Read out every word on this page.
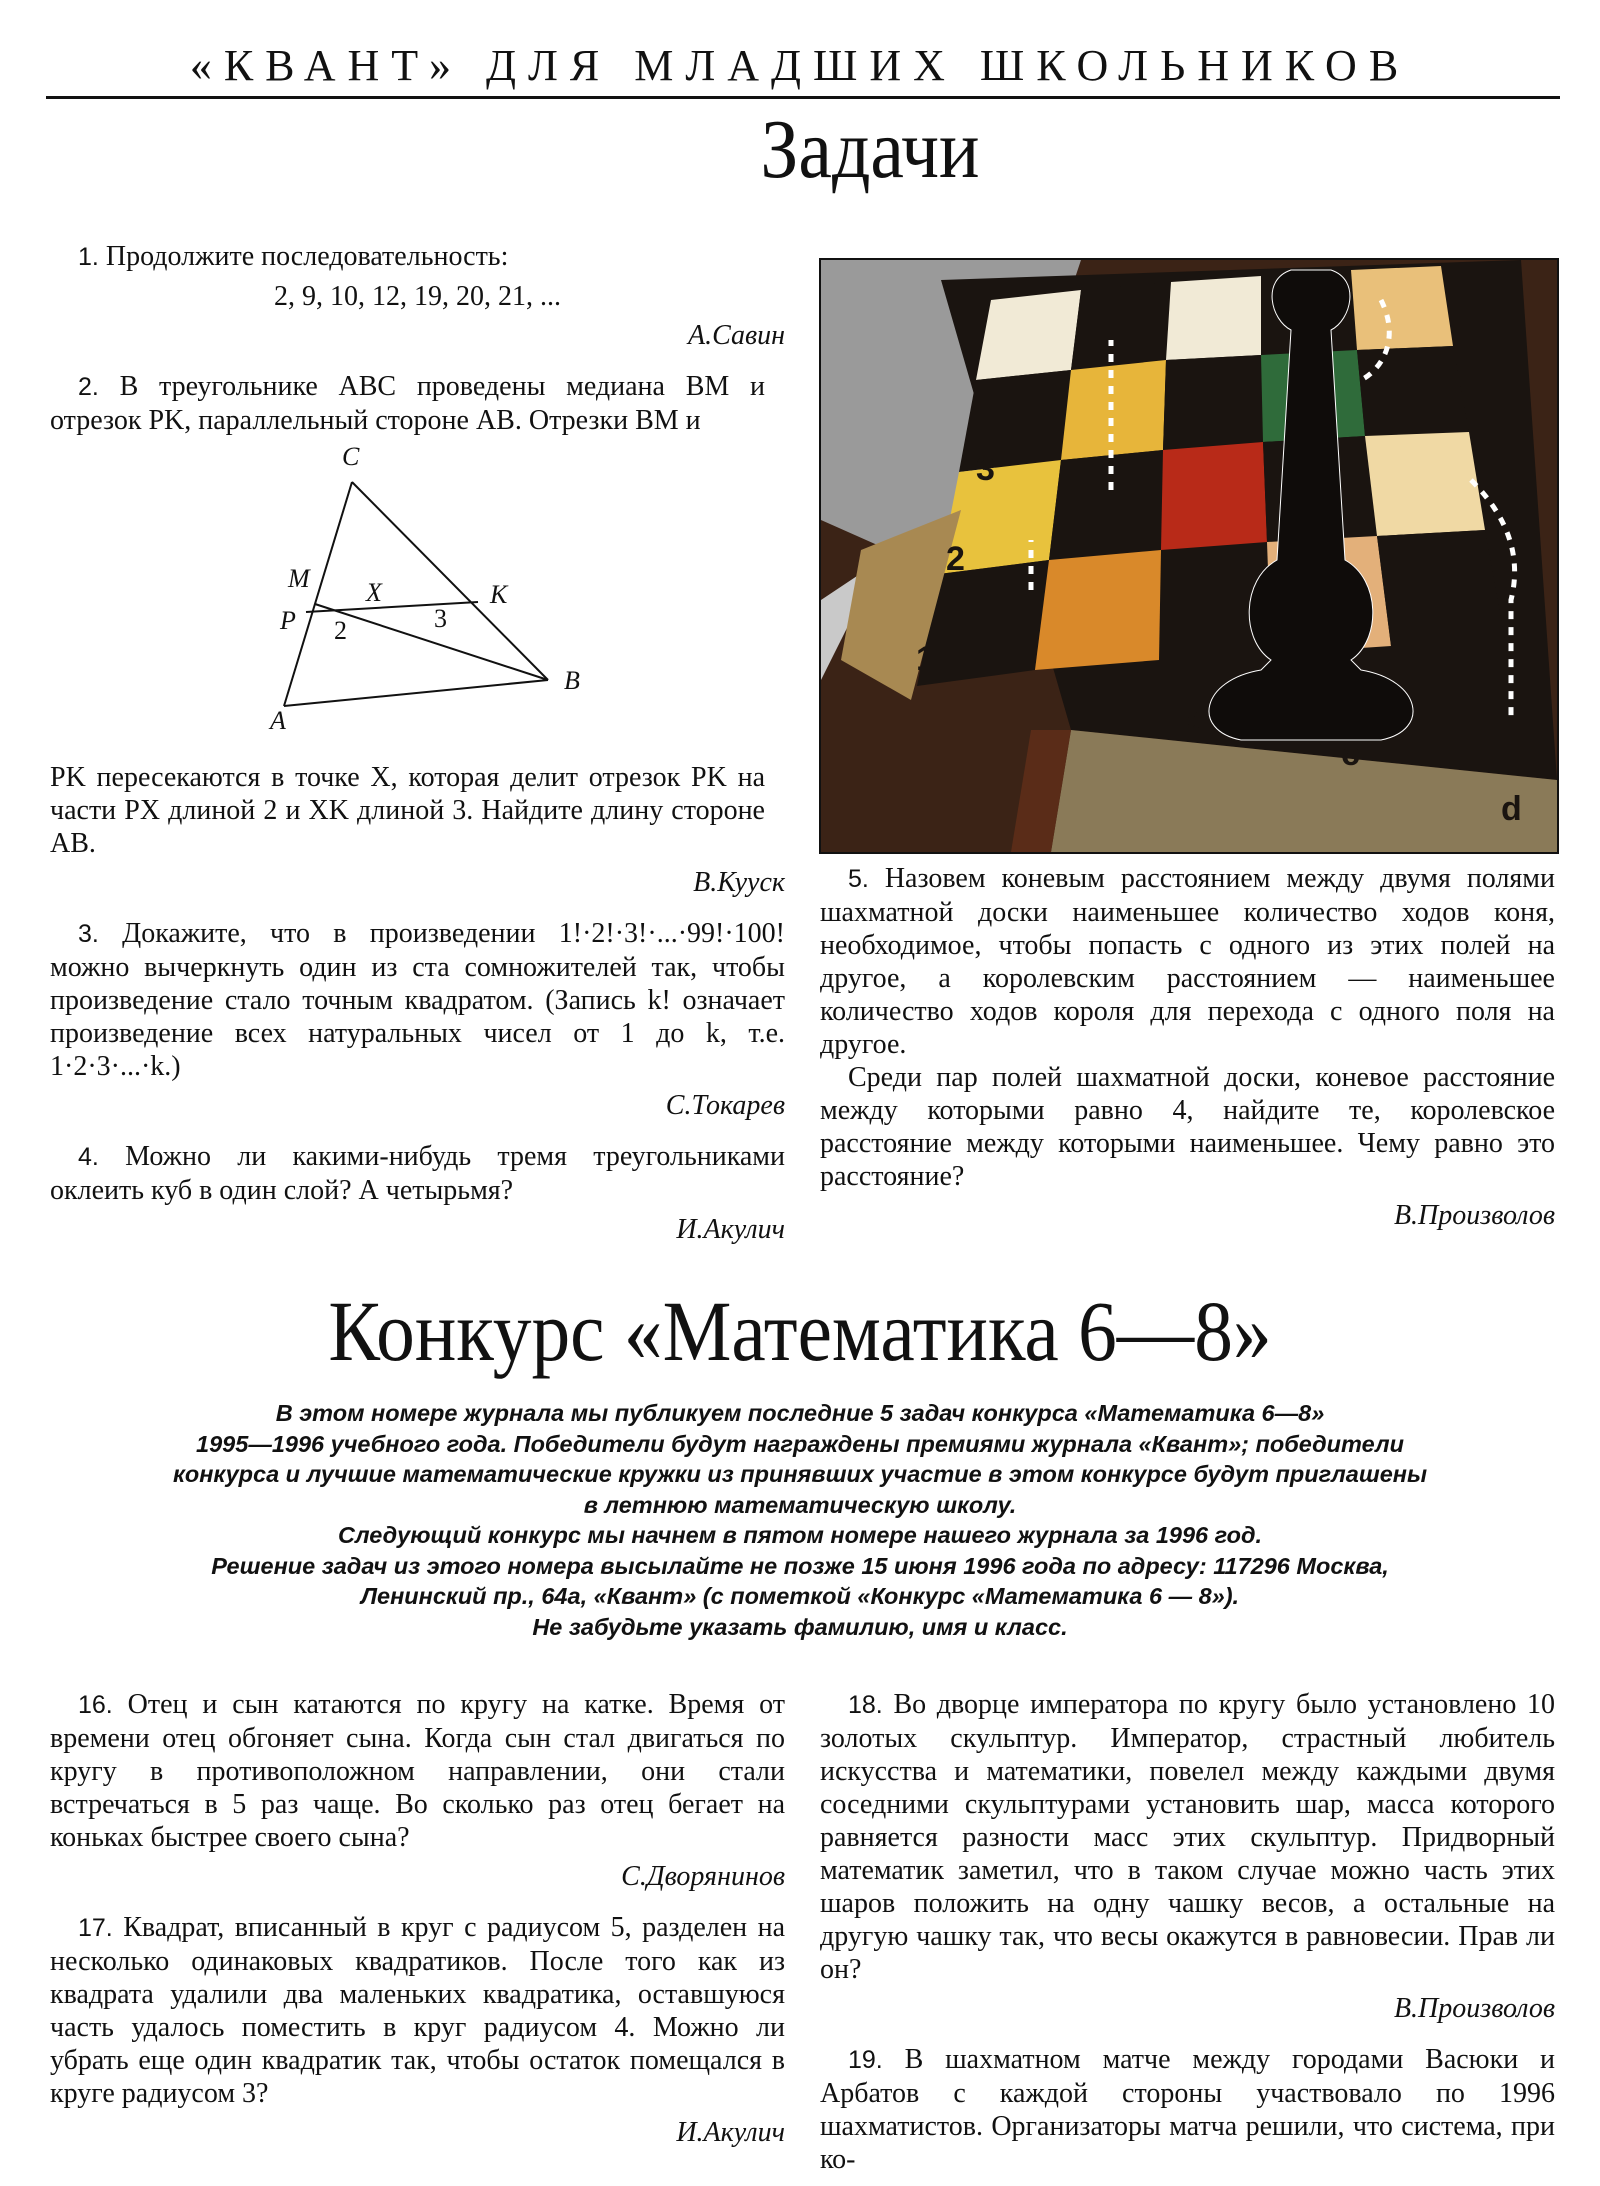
«КВАНТ» ДЛЯ МЛАДШИХ ШКОЛЬНИКОВ
Задачи

1. Продолжите последовательность:

2, 9, 10, 12, 19, 20, 21, ...
А.Савин

2. В треугольнике ABC проведены медиана BM и отрезок PK, параллельный стороне AB. Отрезки BM и

PK пересекаются в точке X, которая делит отрезок PK на части PX длиной 2 и XK длиной 3. Найдите длину стороне AB.

В.Кууск

3. Докажите, что в произведении 1!·2!·3!·...·99!·100! можно вычеркнуть один из ста сомножителей так, чтобы произведение стало точным квадратом. (Запись k! означает произведение всех натуральных чисел от 1 до k, т.е. 1·2·3·...·k.)

С.Токарев

4. Можно ли какими-нибудь тремя треугольниками оклеить куб в один слой? А четырьмя?

И.Акулич
C
M X	K
P 2	3
A
B
3
2
1
b
c
d

5. Назовем коневым расстоянием между двумя полями шахматной доски наименьшее количество ходов коня, необходимое, чтобы попасть с одного из этих полей на другое, а королевским расстоянием — наименьшее количество ходов короля для перехода с одного поля на другое.

Среди пар полей шахматной доски, коневое расстояние между которыми равно 4, найдите те, королевское расстояние между которыми наименьшее. Чему равно это расстояние?

В.Произволов
Конкурс «Математика 6—8»
В этом номере журнала мы публикуем последние 5 задач конкурса «Математика 6—8»
1995—1996 учебного года. Победители будут награждены премиями журнала «Квант»; победители
конкурса и лучшие математические кружки из принявших участие в этом конкурсе будут приглашены
в летнюю математическую школу.
Следующий конкурс мы начнем в пятом номере нашего журнала за 1996 год.
Решение задач из этого номера высылайте не позже 15 июня 1996 года по адресу: 117296 Москва,
Ленинский пр., 64а, «Квант» (с пометкой «Конкурс «Математика 6 — 8»).
Не забудьте указать фамилию, имя и класс.

16. Отец и сын катаются по кругу на катке. Время от времени отец обгоняет сына. Когда сын стал двигаться по кругу в противоположном направлении, они стали встречаться в 5 раз чаще. Во сколько раз отец бегает на коньках быстрее своего сына?

С.Дворянинов

17. Квадрат, вписанный в круг с радиусом 5, разделен на несколько одинаковых квадратиков. После того как из квадрата удалили два маленьких квадратика, оставшуюся часть удалось поместить в круг радиусом 4. Можно ли убрать еще один квадратик так, чтобы остаток помещался в круге радиусом 3?

И.Акулич

18. Во дворце императора по кругу было установлено 10 золотых скульптур. Император, страстный любитель искусства и математики, повелел между каждыми двумя соседними скульптурами установить шар, масса которого равняется разности масс этих скульптур. Придворный математик заметил, что в таком случае можно часть этих шаров положить на одну чашку весов, а остальные на другую чашку так, что весы окажутся в равновесии. Прав ли он?

В.Произволов

19. В шахматном матче между городами Васюки и Арбатов с каждой стороны участвовало по 1996 шахматистов. Организаторы матча решили, что система, при ко-
